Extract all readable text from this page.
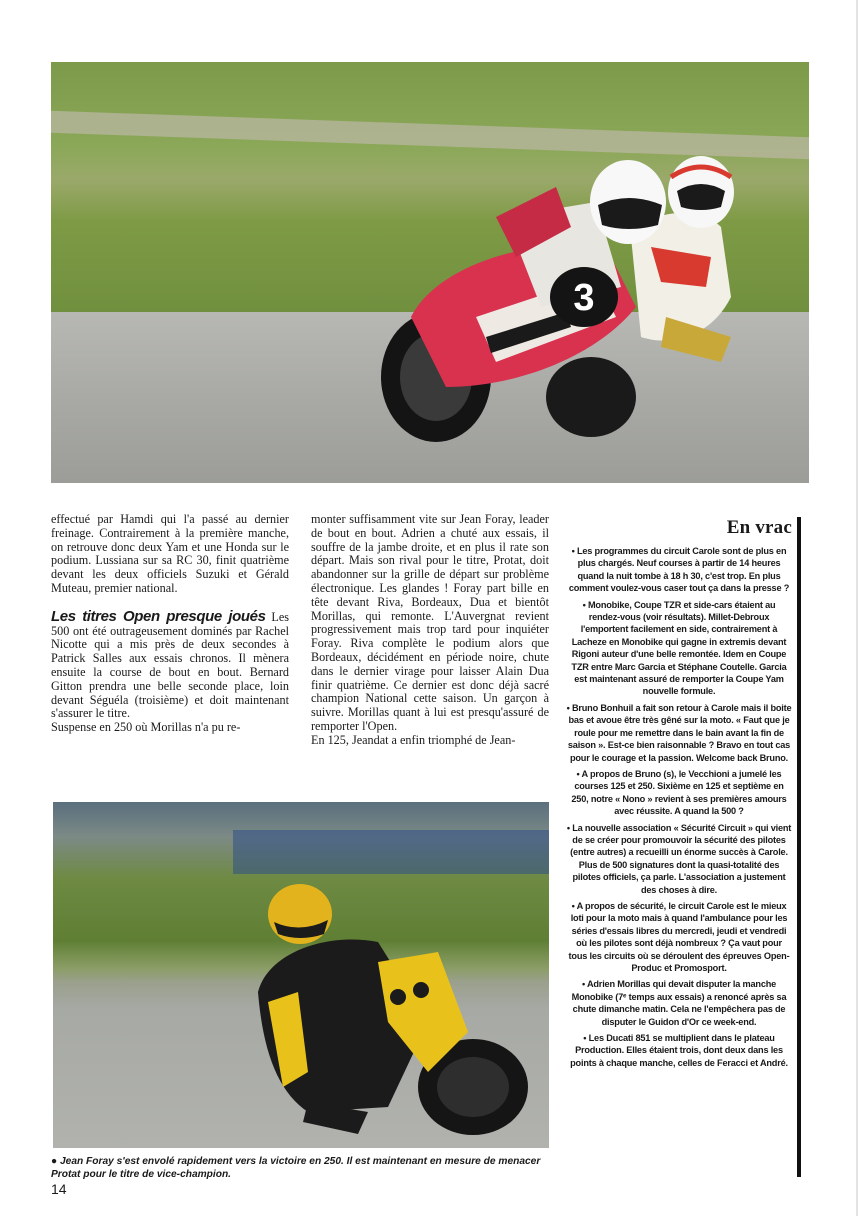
3

effectué par Hamdi qui l'a passé au dernier freinage. Contrairement à la première manche, on retrouve donc deux Yam et une Honda sur le podium. Lussiana sur sa RC 30, finit quatrième devant les deux officiels Suzuki et Gérald Muteau, premier national.

Les titres Open presque joués Les 500 ont été outrageusement dominés par Rachel Nicotte qui a mis près de deux secondes à Patrick Salles aux essais chronos. Il mènera ensuite la course de bout en bout. Bernard Gitton prendra une belle seconde place, loin devant Séguéla (troisième) et doit maintenant s'assurer le titre.

Suspense en 250 où Morillas n'a pu re-

monter suffisamment vite sur Jean Foray, leader de bout en bout. Adrien a chuté aux essais, il souffre de la jambe droite, et en plus il rate son départ. Mais son rival pour le titre, Protat, doit abandonner sur la grille de départ sur problème électronique. Les glandes ! Foray part bille en tête devant Riva, Bordeaux, Dua et bientôt Morillas, qui remonte. L'Auvergnat revient progressivement mais trop tard pour inquiéter Foray. Riva complète le podium alors que Bordeaux, décidément en période noire, chute dans le dernier virage pour laisser Alain Dua finir quatrième. Ce dernier est donc déjà sacré champion National cette saison. Un garçon à suivre. Morillas quant à lui est presqu'assuré de remporter l'Open.

En 125, Jeandat a enfin triomphé de Jean-

En vrac
• Les programmes du circuit Carole sont de plus en plus chargés. Neuf courses à partir de 14 heures quand la nuit tombe à 18 h 30, c'est trop. En plus comment voulez-vous caser tout ça dans la presse ?
• Monobike, Coupe TZR et side-cars étaient au rendez-vous (voir résultats). Millet-Debroux l'emportent facilement en side, contrairement à Lacheze en Monobike qui gagne in extremis devant Rigoni auteur d'une belle remontée. Idem en Coupe TZR entre Marc Garcia et Stéphane Coutelle. Garcia est maintenant assuré de remporter la Coupe Yam nouvelle formule.
• Bruno Bonhuil a fait son retour à Carole mais il boite bas et avoue être très gêné sur la moto. « Faut que je roule pour me remettre dans le bain avant la fin de saison ». Est-ce bien raisonnable ? Bravo en tout cas pour le courage et la passion. Welcome back Bruno.
• A propos de Bruno (s), le Vecchioni a jumelé les courses 125 et 250. Sixième en 125 et septième en 250, notre « Nono » revient à ses premières amours avec réussite. A quand la 500 ?
• La nouvelle association « Sécurité Circuit » qui vient de se créer pour promouvoir la sécurité des pilotes (entre autres) a recueilli un énorme succès à Carole. Plus de 500 signatures dont la quasi-totalité des pilotes officiels, ça parle. L'association a justement des choses à dire.
• A propos de sécurité, le circuit Carole est le mieux loti pour la moto mais à quand l'ambulance pour les séries d'essais libres du mercredi, jeudi et vendredi où les pilotes sont déjà nombreux ? Ça vaut pour tous les circuits où se déroulent des épreuves Open-Produc et Promosport.
• Adrien Morillas qui devait disputer la manche Monobike (7ᵉ temps aux essais) a renoncé après sa chute dimanche matin. Cela ne l'empêchera pas de disputer le Guidon d'Or ce week-end.
• Les Ducati 851 se multiplient dans le plateau Production. Elles étaient trois, dont deux dans les points à chaque manche, celles de Feracci et André.
● Jean Foray s'est envolé rapidement vers la victoire en 250. Il est maintenant en mesure de menacer Protat pour le titre de vice-champion.
14
